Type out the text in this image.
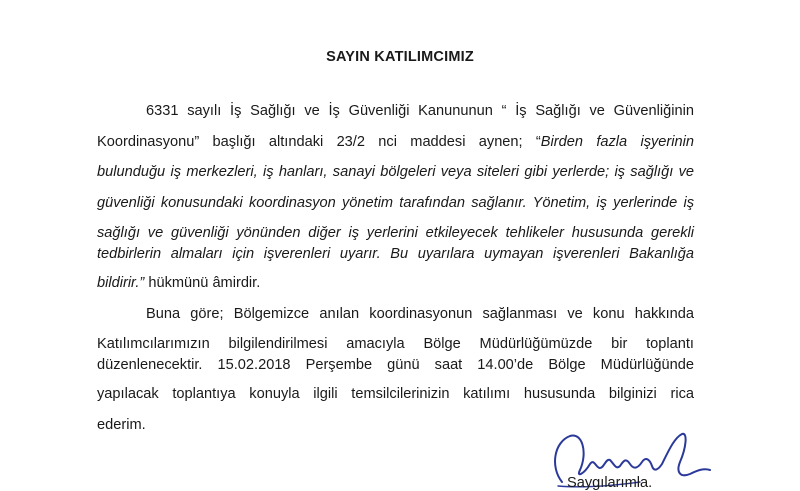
SAYIN KATILIMCIMIZ
6331 sayılı İş Sağlığı ve İş Güvenliği Kanununun “ İş Sağlığı ve Güvenliğinin
Koordinasyonu” başlığı altındaki 23/2 nci maddesi aynen; “Birden fazla işyerinin
bulunduğu iş merkezleri, iş hanları, sanayi bölgeleri veya siteleri gibi yerlerde; iş sağlığı ve
güvenliği konusundaki koordinasyon yönetim tarafından sağlanır. Yönetim, iş yerlerinde iş
sağlığı ve güvenliği yönünden diğer iş yerlerini etkileyecek tehlikeler hususunda gerekli
tedbirlerin almaları için işverenleri uyarır. Bu uyarılara uymayan işverenleri Bakanlığa
bildirir.” hükmünü âmirdir.
Buna göre; Bölgemizce anılan koordinasyonun sağlanması ve konu hakkında
Katılımcılarımızın bilgilendirilmesi amacıyla Bölge Müdürlüğümüzde bir toplantı
düzenlenecektir. 15.02.2018 Perşembe günü saat 14.00’de Bölge Müdürlüğünde
yapılacak toplantıya konuyla ilgili temsilcilerinizin katılımı hususunda bilginizi rica
ederim.
Saygılarımla.
